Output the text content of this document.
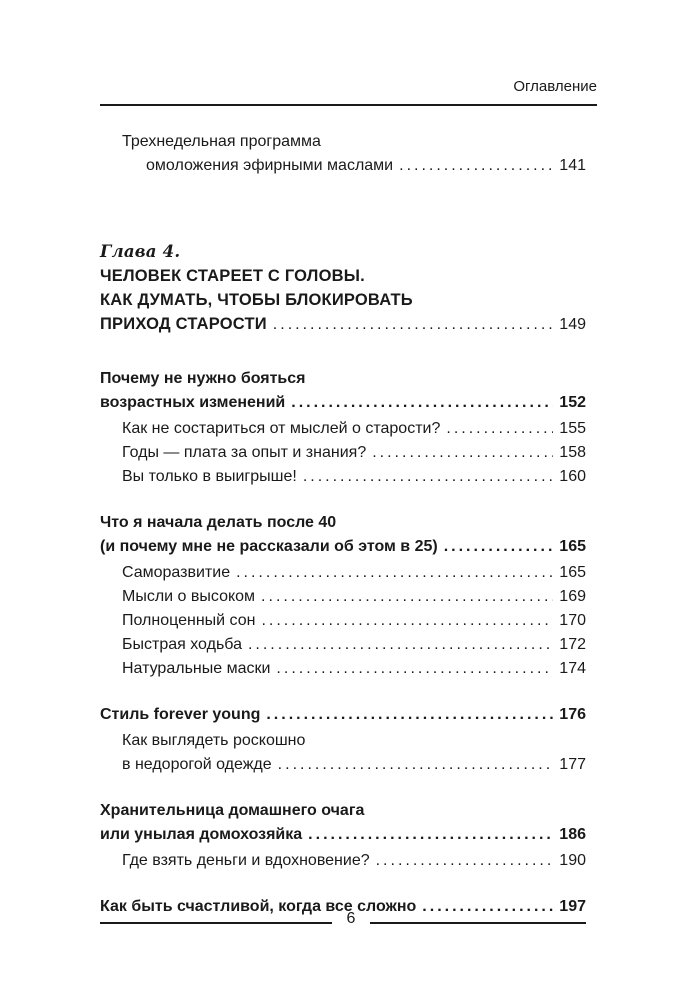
Оглавление
Трехнедельная программа
омоложения эфирными маслами .....	141
Глава 4.
ЧЕЛОВЕК СТАРЕЕТ С ГОЛОВЫ.
КАК ДУМАТЬ, ЧТОБЫ БЛОКИРОВАТЬ
ПРИХОД СТАРОСТИ .....	149
Почему не нужно бояться
возрастных изменений .....	152
Как не состариться от мыслей о старости? .....	155
Годы — плата за опыт и знания? .....	158
Вы только в выигрыше! .....	160
Что я начала делать после 40
(и почему мне не рассказали об этом в 25) .....	165
Саморазвитие .....	165
Мысли о высоком .....	169
Полноценный сон .....	170
Быстрая ходьба .....	172
Натуральные маски .....	174
Стиль forever young .....	176
Как выглядеть роскошно
в недорогой одежде .....	177
Хранительница домашнего очага
или унылая домохозяйка .....	186
Где взять деньги и вдохновение? .....	190
Как быть счастливой, когда все сложно .....	197
6
